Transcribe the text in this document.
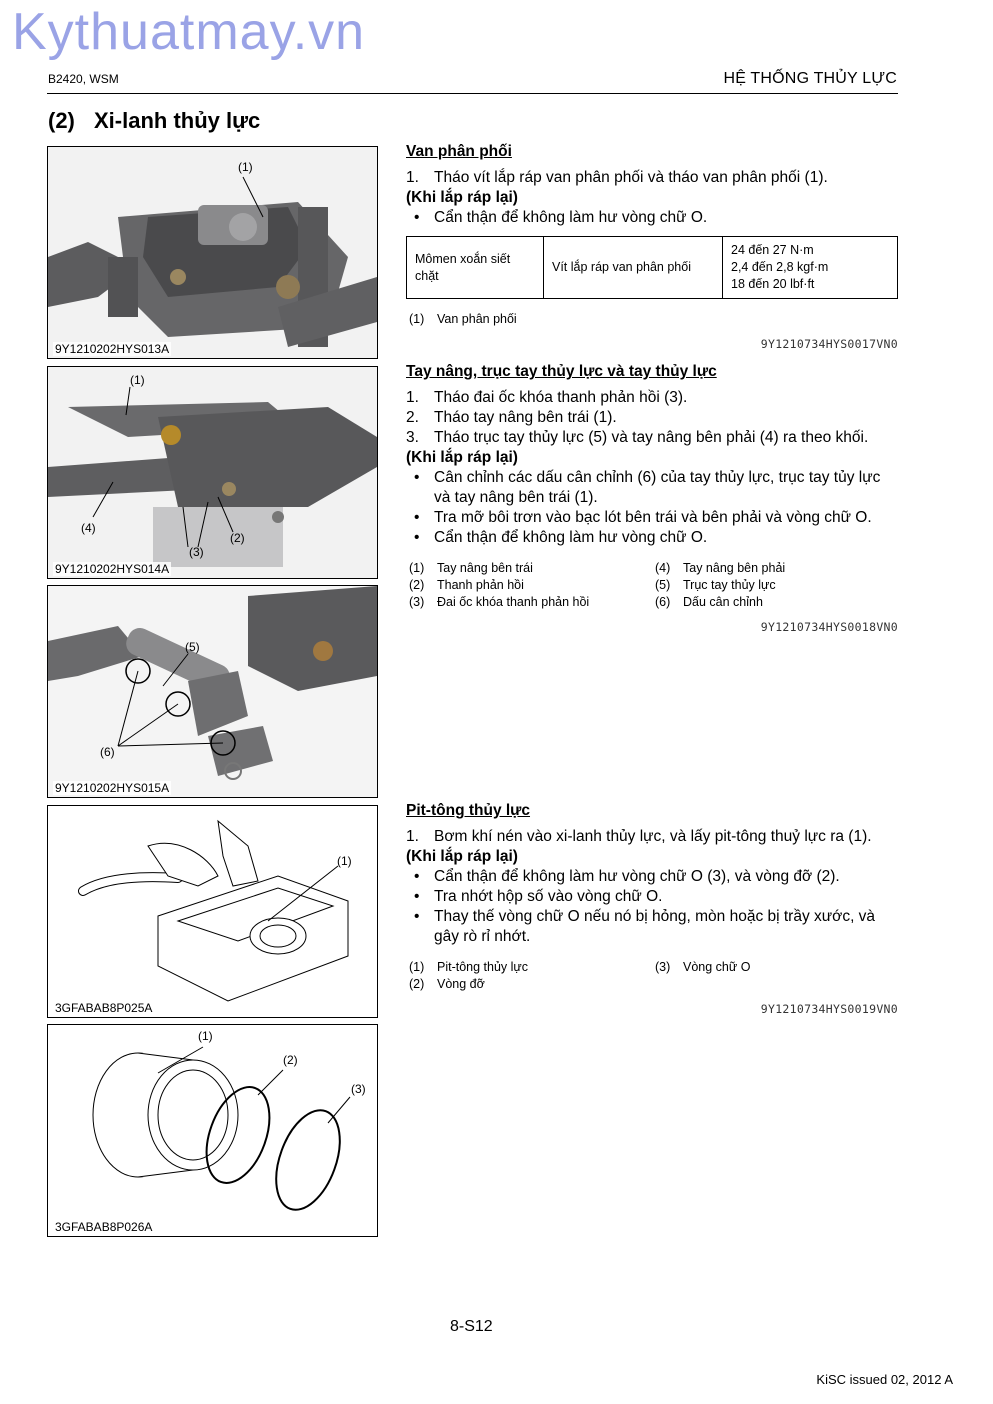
Kythuatmay.vn
B2420, WSM	HỆ THỐNG THỦY LỰC
(2) Xi-lanh thủy lực
(1)
9Y1210202HYS013A
(1)
(4)
(3)
(2)
9Y1210202HYS014A
(5)
(6)
9Y1210202HYS015A
(1)
3GFABAB8P025A
(1)
(2)
(3)
3GFABAB8P026A
Van phân phối
1. Tháo vít lắp ráp van phân phối và tháo van phân phối (1).
(Khi lắp ráp lại)
• Cẩn thận để không làm hư vòng chữ O.
Mômen xoắn siết chặt	Vít lắp ráp van phân phối	
24 đến 27 N·m
2,4 đến 2,8 kgf·m
18 đến 20 lbf·ft
(1)	Van phân phối
9Y1210734HYS0017VN0
Tay nâng, trục tay thủy lực và tay thủy lực
1. Tháo đai ốc khóa thanh phản hồi (3).
2. Tháo tay nâng bên trái (1).
3. Tháo trục tay thủy lực (5) và tay nâng bên phải (4) ra theo khối.
(Khi lắp ráp lại)
• Cân chỉnh các dấu cân chỉnh (6) của tay thủy lực, trục tay tủy lực và tay nâng bên trái (1).
• Tra mỡ bôi trơn vào bạc lót bên trái và bên phải và vòng chữ O.
• Cẩn thận để không làm hư vòng chữ O.
(1)	Tay nâng bên trái	(4)	Tay nâng bên phải
(2)	Thanh phản hồi	(5)	Trục tay thủy lực
(3)	Đai ốc khóa thanh phản hồi	(6)	Dấu cân chỉnh
9Y1210734HYS0018VN0
Pit-tông thủy lực
1. Bơm khí nén vào xi-lanh thủy lực, và lấy pit-tông thuỷ lực ra (1).
(Khi lắp ráp lại)
• Cẩn thận để không làm hư vòng chữ O (3), và vòng đỡ (2).
• Tra nhớt hộp số vào vòng chữ O.
• Thay thế vòng chữ O nếu nó bị hỏng, mòn hoặc bị trầy xước, và gây rò rỉ nhớt.
(1)	Pit-tông thủy lực	(3)	Vòng chữ O
(2)	Vòng đỡ
9Y1210734HYS0019VN0
8-S12
KiSC issued 02, 2012 A
